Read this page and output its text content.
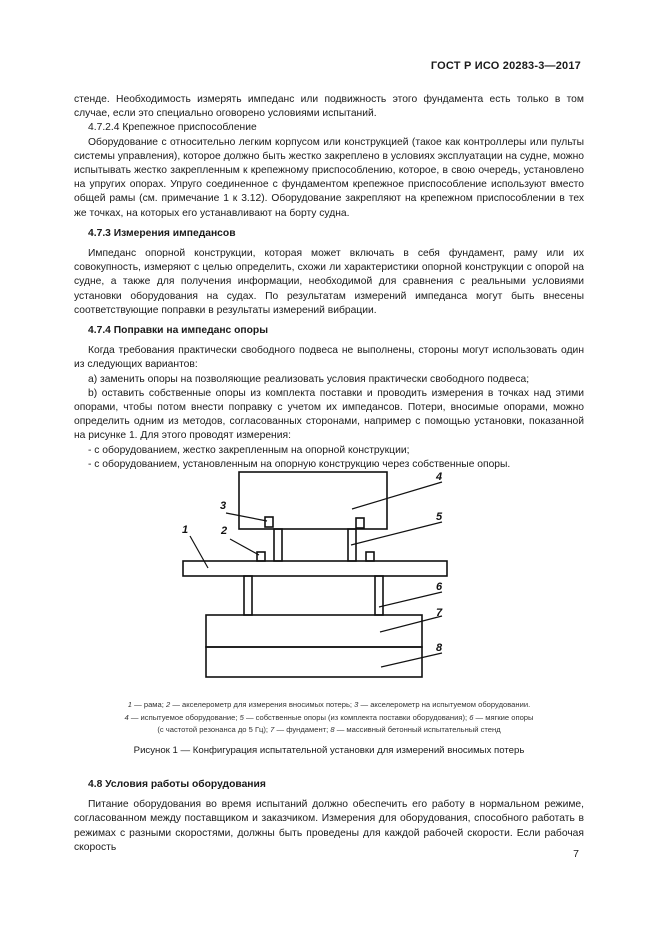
ГОСТ Р ИСО 20283-3—2017

стенде. Необходимость измерять импеданс или подвижность этого фундамента есть только в том случае, если это специально оговорено условиями испытаний.

4.7.2.4 Крепежное приспособление

Оборудование с относительно легким корпусом или конструкцией (такое как контроллеры или пульты системы управления), которое должно быть жестко закреплено в условиях эксплуатации на судне, можно испытывать жестко закрепленным к крепежному приспособлению, которое, в свою очередь, установлено на упругих опорах. Упруго соединенное с фундаментом крепежное приспособление используют вместо общей рамы (см. примечание 1 к 3.12). Оборудование закрепляют на крепежном приспособлении в тех же точках, на которых его устанавливают на борту судна.

4.7.3 Измерения импедансов

Импеданс опорной конструкции, которая может включать в себя фундамент, раму или их совокупность, измеряют с целью определить, схожи ли характеристики опорной конструкции с опорой на судне, а также для получения информации, необходимой для сравнения с реальными условиями установки оборудования на судах. По результатам измерений импеданса могут быть внесены соответствующие поправки в результаты измерений вибрации.

4.7.4 Поправки на импеданс опоры

Когда требования практически свободного подвеса не выполнены, стороны могут использовать один из следующих вариантов:

а) заменить опоры на позволяющие реализовать условия практически свободного подвеса;

b) оставить собственные опоры из комплекта поставки и проводить измерения в точках над этими опорами, чтобы потом внести поправку с учетом их импедансов. Потери, вносимые опорами, можно определить одним из методов, согласованных сторонами, например с помощью установки, показанной на рисунке 1. Для этого проводят измерения:

- с оборудованием, жестко закрепленным на опорной конструкции;

- с оборудованием, установленным на опорную конструкцию через собственные опоры.

1	2
3
4
5
6
7
8
1 — рама; 2 — акселерометр для измерения вносимых потерь; 3 — акселерометр на испытуемом оборудовании.
4 — испытуемое оборудование; 5 — собственные опоры (из комплекта поставки оборудования); 6 — мягкие опоры
(с частотой резонанса до 5 Гц); 7 — фундамент; 8 — массивный бетонный испытательный стенд
Рисунок 1 — Конфигурация испытательной установки для измерений вносимых потерь

4.8 Условия работы оборудования

Питание оборудования во время испытаний должно обеспечить его работу в нормальном режиме, согласованном между поставщиком и заказчиком. Измерения для оборудования, способного работать в режимах с разными скоростями, должны быть проведены для каждой рабочей скорости. Если рабочая скорость

7
